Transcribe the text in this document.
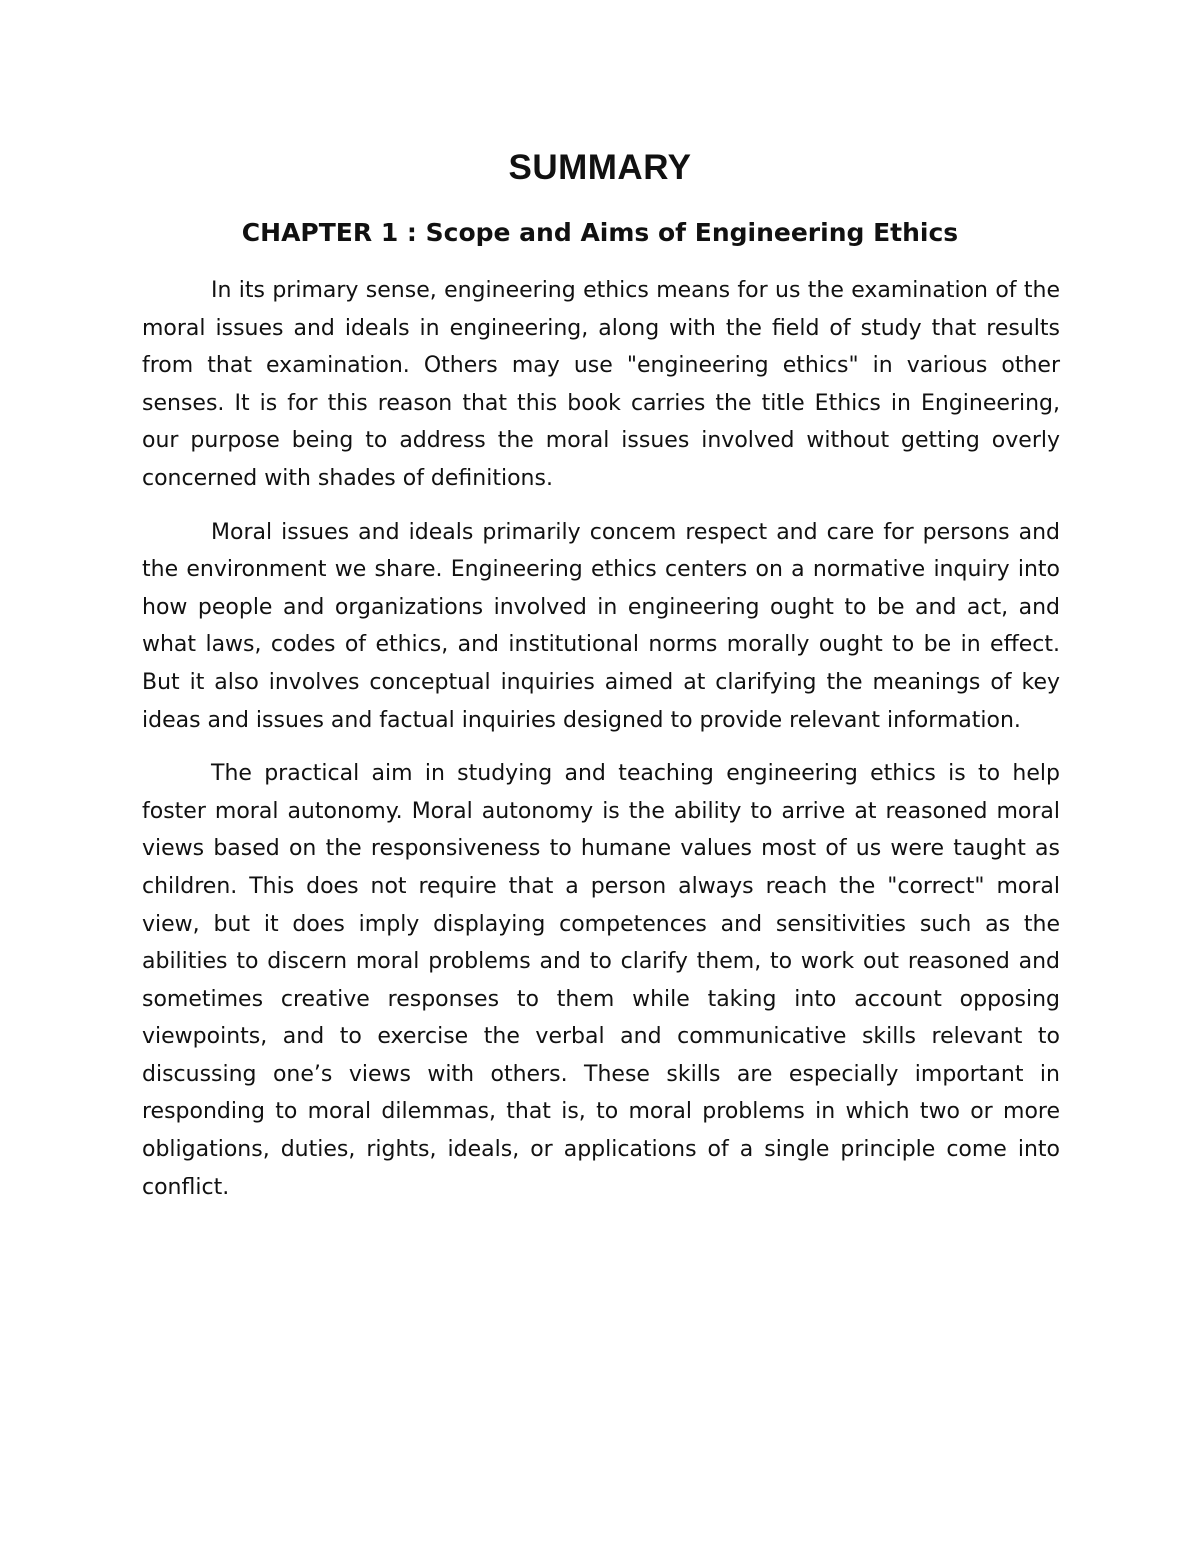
SUMMARY
CHAPTER 1 : Scope and Aims of Engineering Ethics

In its primary sense, engineering ethics means for us the examination of the moral issues and ideals in engineering, along with the field of study that results from that examination. Others may use "engineering ethics" in various other senses. It is for this reason that this book carries the title Ethics in Engineering, our purpose being to address the moral issues involved without getting overly concerned with shades of definitions.

Moral issues and ideals primarily concem respect and care for persons and the environment we share. Engineering ethics centers on a normative inquiry into how people and organizations involved in engineering ought to be and act, and what laws, codes of ethics, and institutional norms morally ought to be in effect. But it also involves conceptual inquiries aimed at clarifying the meanings of key ideas and issues and factual inquiries designed to provide relevant information.

The practical aim in studying and teaching engineering ethics is to help foster moral autonomy. Moral autonomy is the ability to arrive at reasoned moral views based on the responsiveness to humane values most of us were taught as children. This does not require that a person always reach the "correct" moral view, but it does imply displaying competences and sensitivities such as the abilities to discern moral problems and to clarify them, to work out reasoned and sometimes creative responses to them while taking into account opposing viewpoints, and to exercise the verbal and communicative skills relevant to discussing one’s views with others. These skills are especially important in responding to moral dilemmas, that is, to moral problems in which two or more obligations, duties, rights, ideals, or applications of a single principle come into conflict.
